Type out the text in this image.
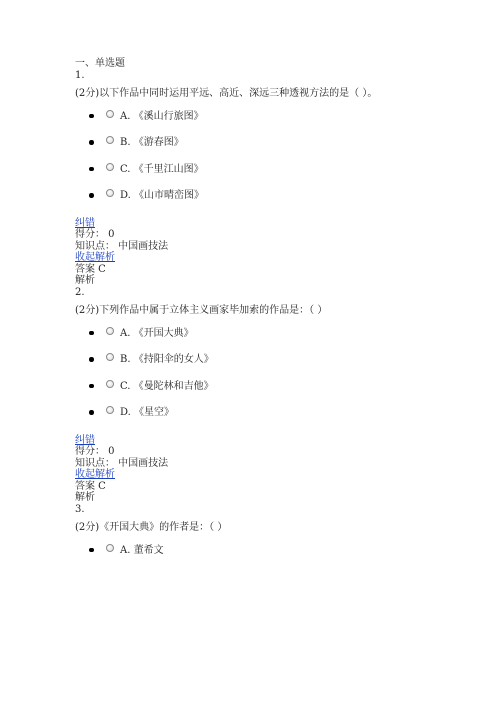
一、单选题
1.
(2分)以下作品中同时运用平远、高近、深远三种透视方法的是（ ）。
A. 《溪山行旅图》
B. 《游春图》
C. 《千里江山图》
D. 《山市晴峦图》
纠错
得分： 0
知识点： 中国画技法
收起解析
答案 C
解析
2.
(2分)下列作品中属于立体主义画家毕加索的作品是：（ ）
A. 《开国大典》
B. 《持阳伞的女人》
C. 《曼陀林和吉他》
D. 《星空》
纠错
得分： 0
知识点： 中国画技法
收起解析
答案 C
解析
3.
(2分)《开国大典》的作者是：（ ）
A. 董希文
